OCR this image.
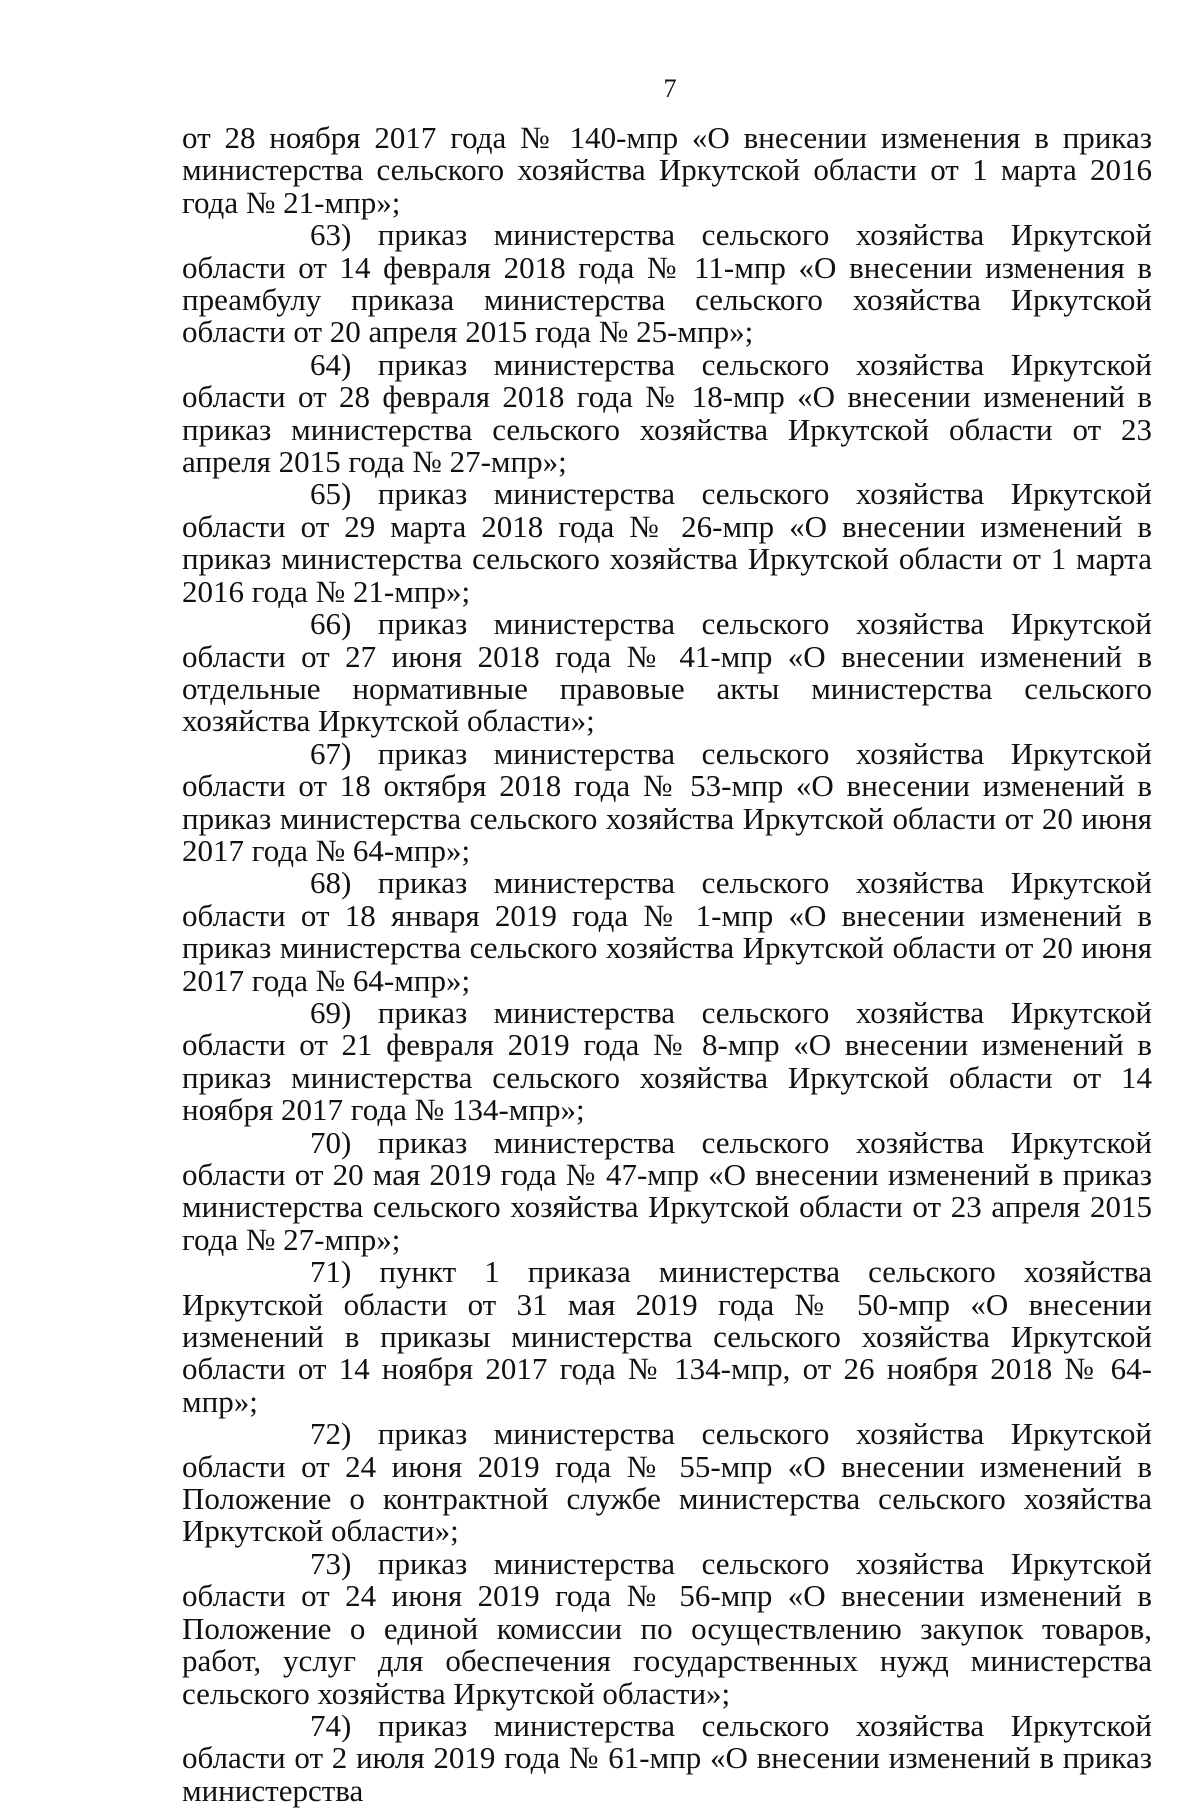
7

от 28 ноября 2017 года № 140-мпр «О внесении изменения в приказ министерства сельского хозяйства Иркутской области от 1 марта 2016 года № 21-мпр»;

63) приказ министерства сельского хозяйства Иркутской области от 14 февраля 2018 года № 11-мпр «О внесении изменения в преамбулу приказа министерства сельского хозяйства Иркутской области от 20 апреля 2015 года № 25-мпр»;

64) приказ министерства сельского хозяйства Иркутской области от 28 февраля 2018 года № 18-мпр «О внесении изменений в приказ министерства сельского хозяйства Иркутской области от 23 апреля 2015 года № 27-мпр»;

65) приказ министерства сельского хозяйства Иркутской области от 29 марта 2018 года № 26-мпр «О внесении изменений в приказ министерства сельского хозяйства Иркутской области от 1 марта 2016 года № 21-мпр»;

66) приказ министерства сельского хозяйства Иркутской области от 27 июня 2018 года № 41-мпр «О внесении изменений в отдельные нормативные правовые акты министерства сельского хозяйства Иркутской области»;

67) приказ министерства сельского хозяйства Иркутской области от 18 октября 2018 года № 53-мпр «О внесении изменений в приказ министерства сельского хозяйства Иркутской области от 20 июня 2017 года № 64-мпр»;

68) приказ министерства сельского хозяйства Иркутской области от 18 января 2019 года № 1-мпр «О внесении изменений в приказ министерства сельского хозяйства Иркутской области от 20 июня 2017 года № 64-мпр»;

69) приказ министерства сельского хозяйства Иркутской области от 21 февраля 2019 года № 8-мпр «О внесении изменений в приказ министерства сельского хозяйства Иркутской области от 14 ноября 2017 года № 134-мпр»;

70) приказ министерства сельского хозяйства Иркутской области от 20 мая 2019 года № 47-мпр «О внесении изменений в приказ министерства сельского хозяйства Иркутской области от 23 апреля 2015 года № 27-мпр»;

71) пункт 1 приказа министерства сельского хозяйства Иркутской области от 31 мая 2019 года № 50-мпр «О внесении изменений в приказы министерства сельского хозяйства Иркутской области от 14 ноября 2017 года № 134-мпр, от 26 ноября 2018 № 64-мпр»;

72) приказ министерства сельского хозяйства Иркутской области от 24 июня 2019 года № 55-мпр «О внесении изменений в Положение о контрактной службе министерства сельского хозяйства Иркутской области»;

73) приказ министерства сельского хозяйства Иркутской области от 24 июня 2019 года № 56-мпр «О внесении изменений в Положение о единой комиссии по осуществлению закупок товаров, работ, услуг для обеспечения государственных нужд министерства сельского хозяйства Иркутской области»;

74) приказ министерства сельского хозяйства Иркутской области от 2 июля 2019 года № 61-мпр «О внесении изменений в приказ министерства
